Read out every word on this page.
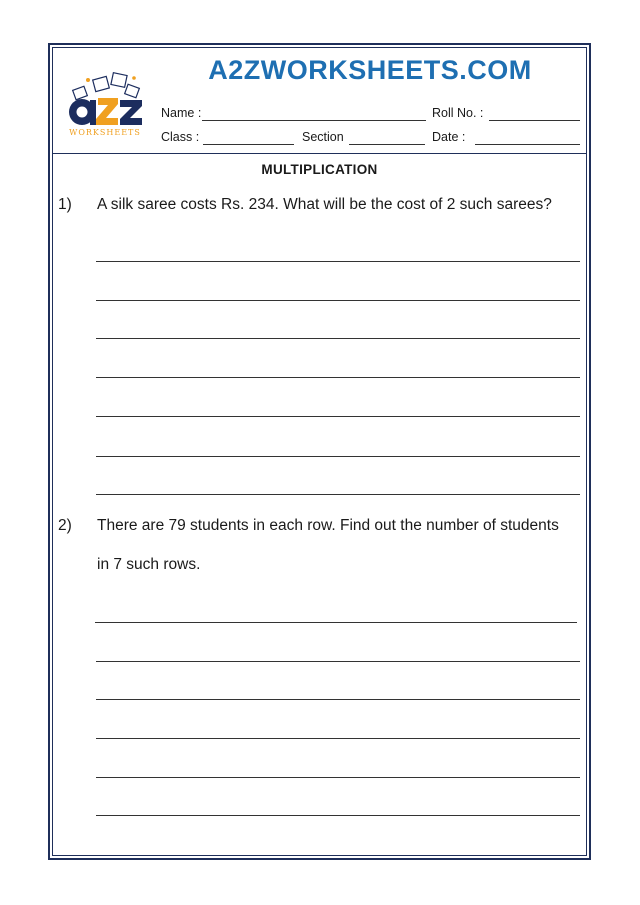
WORKSHEETS
A2ZWORKSHEETS.COM
Name :	Roll No. :
Class :	Section	Date :
MULTIPLICATION
1) A silk saree costs Rs. 234. What will be the cost of 2 such sarees?
2) There are 79 students in each row. Find out the number of students
in 7 such rows.
